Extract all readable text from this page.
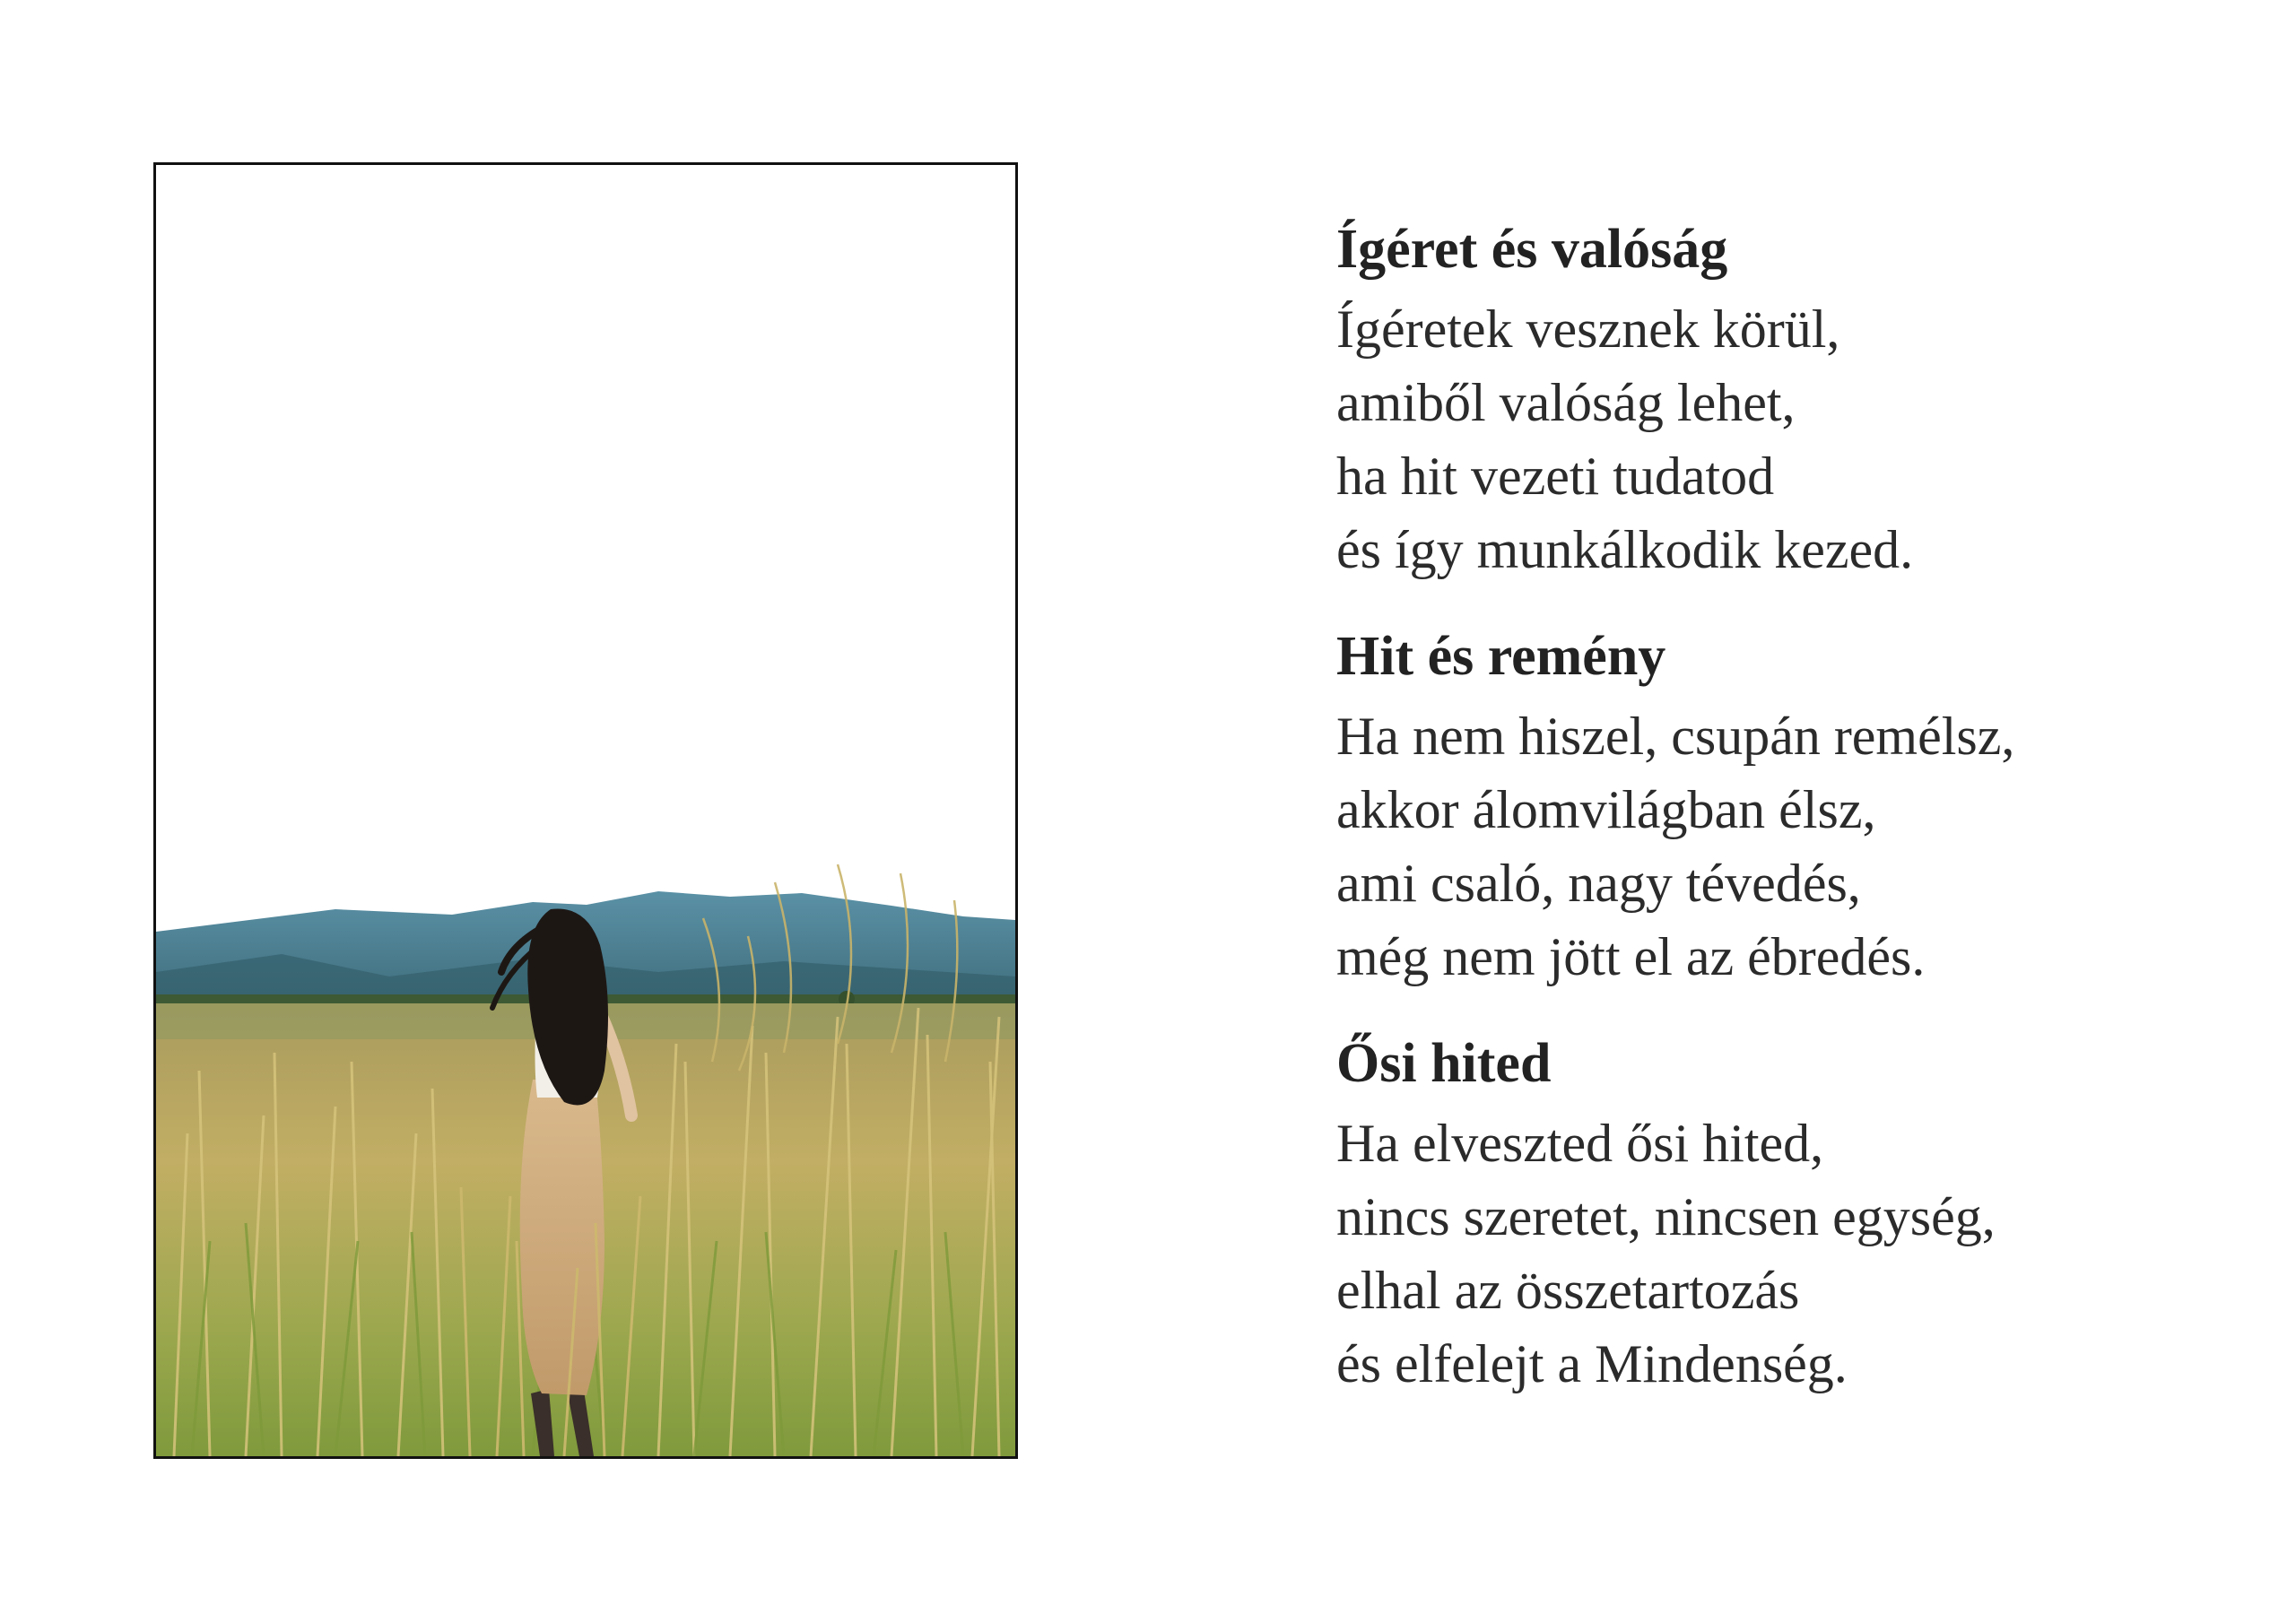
Ígéret és valóság

Ígéretek vesznek körül,

amiből valóság lehet,

ha hit vezeti tudatod

és így munkálkodik kezed.

Hit és remény

Ha nem hiszel, csupán remélsz,

akkor álomvilágban élsz,

ami csaló, nagy tévedés,

még nem jött el az ébredés.

Ősi hited

Ha elveszted ősi hited,

nincs szeretet, nincsen egység,

elhal az összetartozás

és elfelejt a Mindenség.
